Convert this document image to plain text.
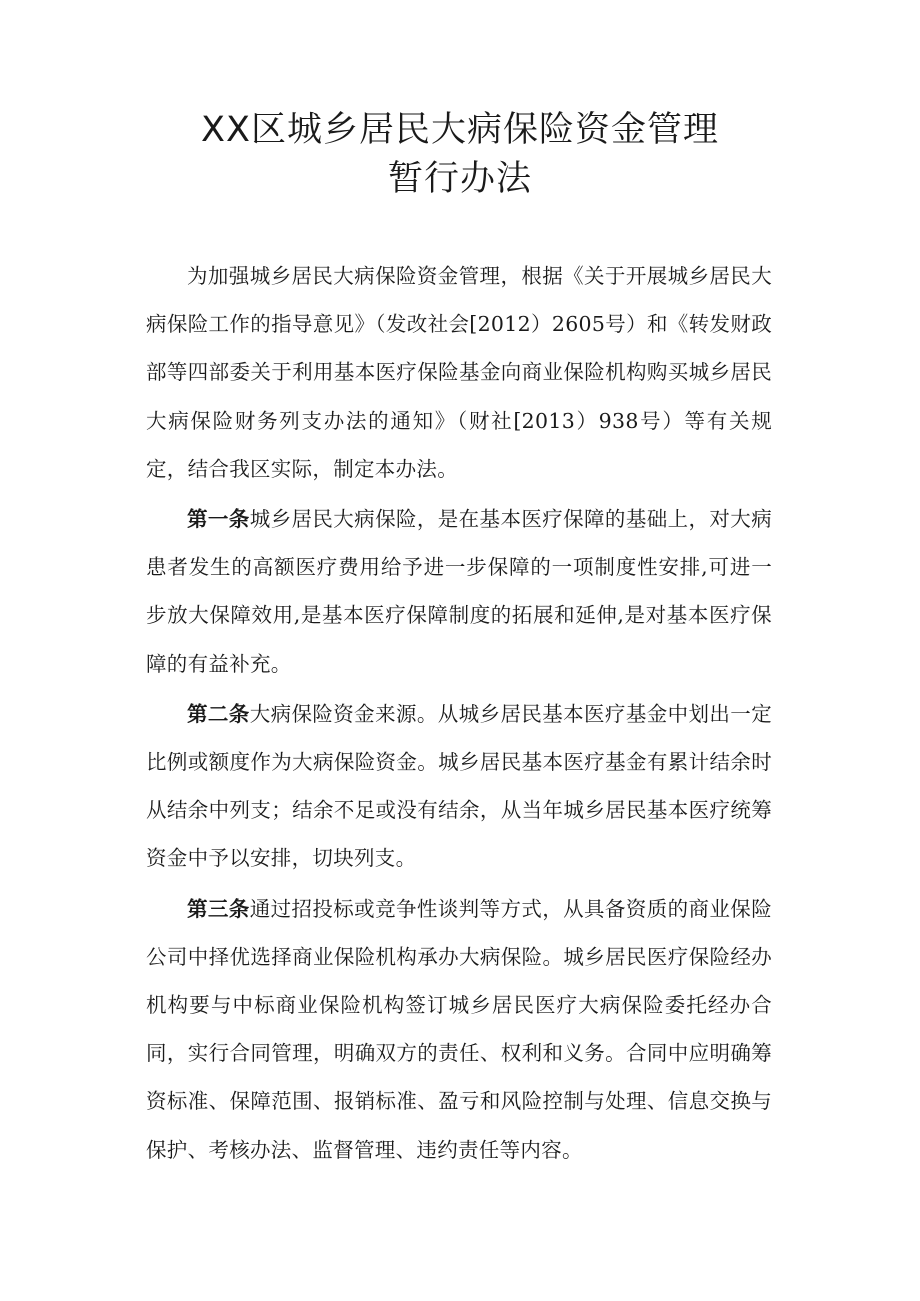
XX区城乡居民大病保险资金管理
暂行办法

为加强城乡居民大病保险资金管理，根据《关于开展城乡居民大病保险工作的指导意见》（发改社会[2012）2605号）和《转发财政部等四部委关于利用基本医疗保险基金向商业保险机构购买城乡居民大病保险财务列支办法的通知》（财社[2013）938号）等有关规定，结合我区实际，制定本办法。

第一条城乡居民大病保险，是在基本医疗保障的基础上，对大病患者发生的高额医疗费用给予进一步保障的一项制度性安排,可进一步放大保障效用,是基本医疗保障制度的拓展和延伸,是对基本医疗保障的有益补充。

第二条大病保险资金来源。从城乡居民基本医疗基金中划出一定比例或额度作为大病保险资金。城乡居民基本医疗基金有累计结余时从结余中列支；结余不足或没有结余，从当年城乡居民基本医疗统筹资金中予以安排，切块列支。

第三条通过招投标或竞争性谈判等方式，从具备资质的商业保险公司中择优选择商业保险机构承办大病保险。城乡居民医疗保险经办机构要与中标商业保险机构签订城乡居民医疗大病保险委托经办合同，实行合同管理，明确双方的责任、权利和义务。合同中应明确筹资标准、保障范围、报销标准、盈亏和风险控制与处理、信息交换与保护、考核办法、监督管理、违约责任等内容。
